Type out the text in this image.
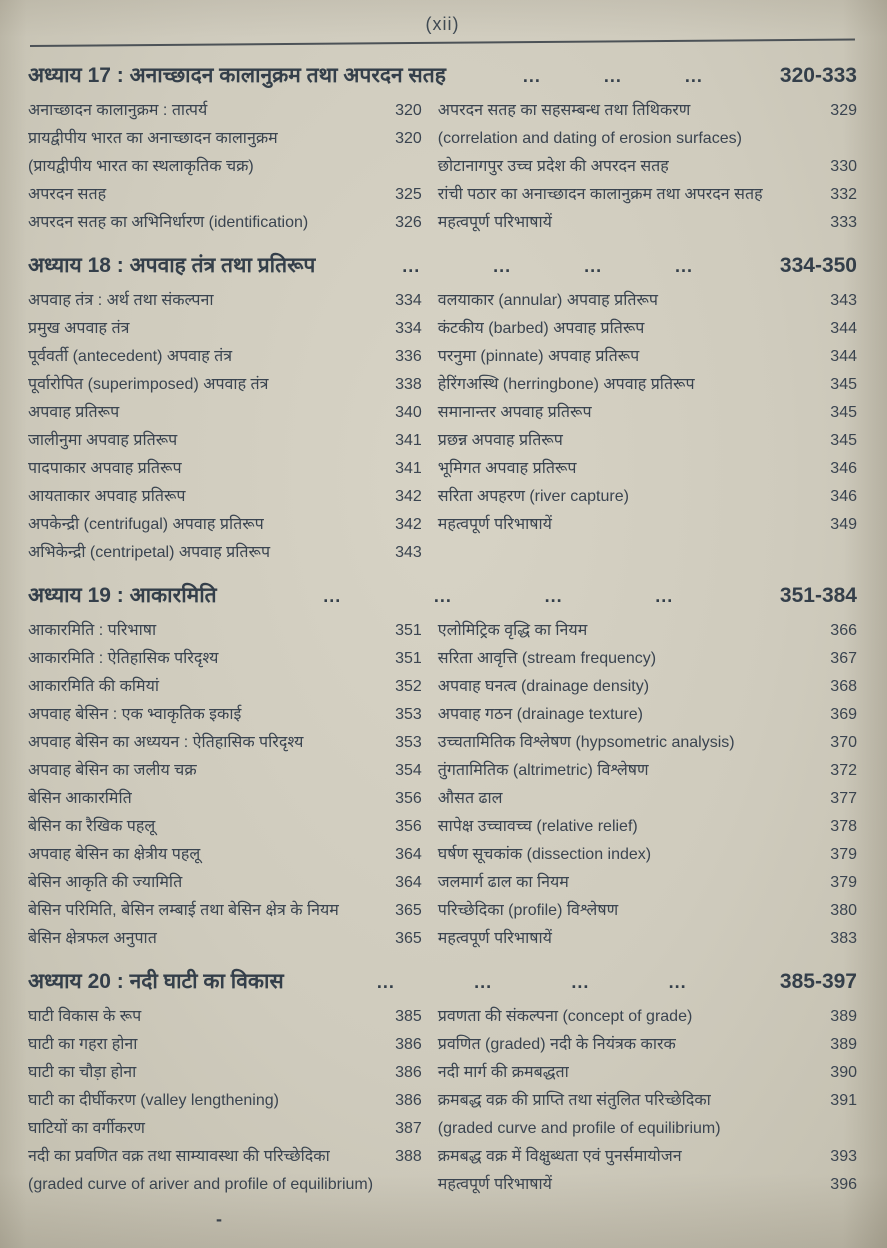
(xii)
अध्याय 17 : अनाच्छादन कालानुक्रम तथा अपरदन सतह	...	...	...	320-333
अनाच्छादन कालानुक्रम : तात्पर्य	320
प्रायद्वीपीय भारत का अनाच्छादन कालानुक्रम	320
(प्रायद्वीपीय भारत का स्थलाकृतिक चक्र)
अपरदन सतह	325
अपरदन सतह का अभिनिर्धारण (identification)	326
अपरदन सतह का सहसम्बन्ध तथा तिथिकरण	329
(correlation and dating of erosion surfaces)
छोटानागपुर उच्च प्रदेश की अपरदन सतह	330
रांची पठार का अनाच्छादन कालानुक्रम तथा अपरदन सतह	332
महत्वपूर्ण परिभाषायें	333
अध्याय 18 : अपवाह तंत्र तथा प्रतिरूप	...	...	...	...	334-350
अपवाह तंत्र : अर्थ तथा संकल्पना	334
प्रमुख अपवाह तंत्र	334
पूर्ववर्ती (antecedent) अपवाह तंत्र	336
पूर्वारोपित (superimposed) अपवाह तंत्र	338
अपवाह प्रतिरूप	340
जालीनुमा अपवाह प्रतिरूप	341
पादपाकार अपवाह प्रतिरूप	341
आयताकार अपवाह प्रतिरूप	342
अपकेन्द्री (centrifugal) अपवाह प्रतिरूप	342
अभिकेन्द्री (centripetal) अपवाह प्रतिरूप	343
वलयाकार (annular) अपवाह प्रतिरूप	343
कंटकीय (barbed) अपवाह प्रतिरूप	344
परनुमा (pinnate) अपवाह प्रतिरूप	344
हेरिंगअस्थि (herringbone) अपवाह प्रतिरूप	345
समानान्तर अपवाह प्रतिरूप	345
प्रछन्न अपवाह प्रतिरूप	345
भूमिगत अपवाह प्रतिरूप	346
सरिता अपहरण (river capture)	346
महत्वपूर्ण परिभाषायें	349
अध्याय 19 : आकारमिति	...	...	...	...	351-384
आकारमिति : परिभाषा	351
आकारमिति : ऐतिहासिक परिदृश्य	351
आकारमिति की कमियां	352
अपवाह बेसिन : एक भ्वाकृतिक इकाई	353
अपवाह बेसिन का अध्ययन : ऐतिहासिक परिदृश्य	353
अपवाह बेसिन का जलीय चक्र	354
बेसिन आकारमिति	356
बेसिन का रैखिक पहलू	356
अपवाह बेसिन का क्षेत्रीय पहलू	364
बेसिन आकृति की ज्यामिति	364
बेसिन परिमिति, बेसिन लम्बाई तथा बेसिन क्षेत्र के नियम	365
बेसिन क्षेत्रफल अनुपात	365
एलोमिट्रिक वृद्धि का नियम	366
सरिता आवृत्ति (stream frequency)	367
अपवाह घनत्व (drainage density)	368
अपवाह गठन (drainage texture)	369
उच्चतामितिक विश्लेषण (hypsometric analysis)	370
तुंगतामितिक (altrimetric) विश्लेषण	372
औसत ढाल	377
सापेक्ष उच्चावच्च (relative relief)	378
घर्षण सूचकांक (dissection index)	379
जलमार्ग ढाल का नियम	379
परिच्छेदिका (profile) विश्लेषण	380
महत्वपूर्ण परिभाषायें	383
अध्याय 20 : नदी घाटी का विकास	...	...	...	...	385-397
घाटी विकास के रूप	385
घाटी का गहरा होना	386
घाटी का चौड़ा होना	386
घाटी का दीर्घीकरण (valley lengthening)	386
घाटियों का वर्गीकरण	387
नदी का प्रवणित वक्र तथा साम्यावस्था की परिच्छेदिका	388
(graded curve of ariver and profile of equilibrium)
प्रवणता की संकल्पना (concept of grade)	389
प्रवणित (graded) नदी के नियंत्रक कारक	389
नदी मार्ग की क्रमबद्धता	390
क्रमबद्ध वक्र की प्राप्ति तथा संतुलित परिच्छेदिका	391
(graded curve and profile of equilibrium)
क्रमबद्ध वक्र में विक्षुब्धता एवं पुनर्समायोजन	393
महत्वपूर्ण परिभाषायें	396
-
